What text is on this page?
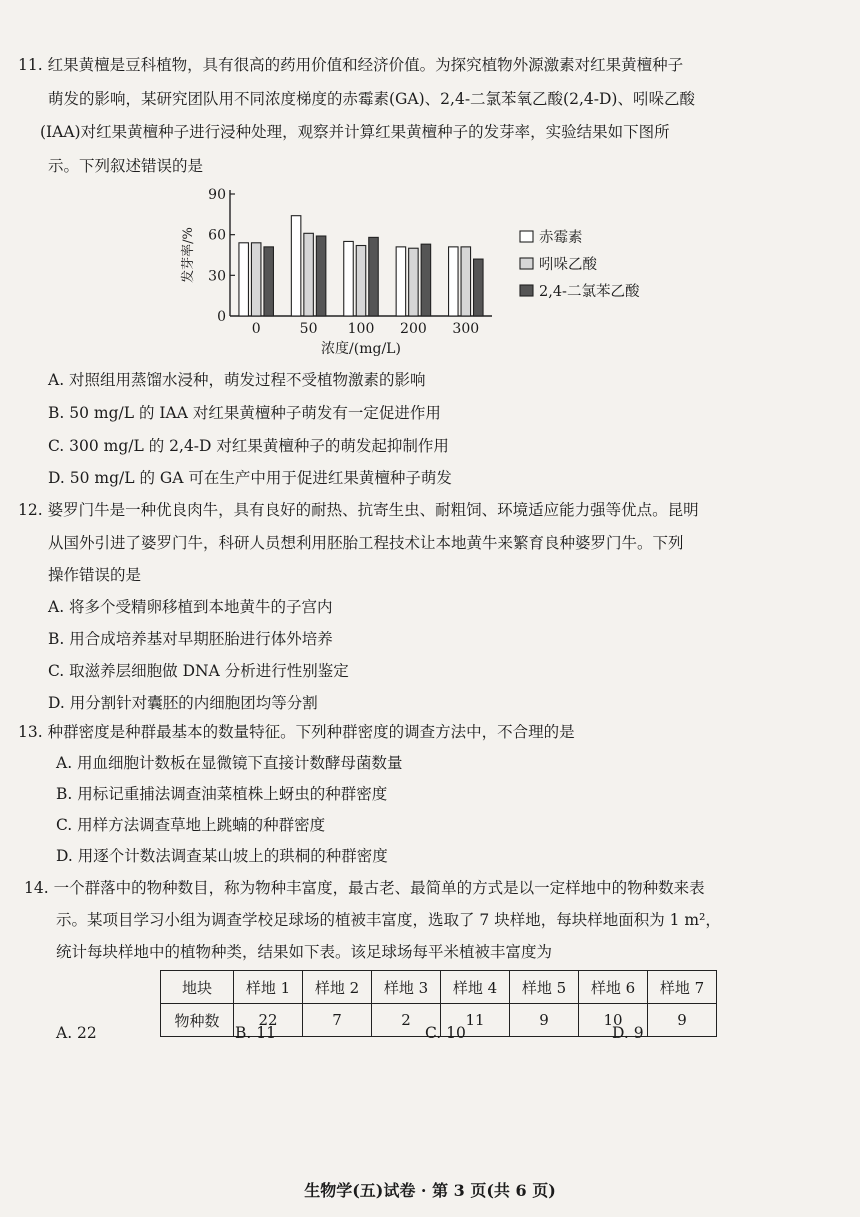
11. 红果黄檀是豆科植物，具有很高的药用价值和经济价值。为探究植物外源激素对红果黄檀种子
萌发的影响，某研究团队用不同浓度梯度的赤霉素(GA)、2,4-二氯苯氧乙酸(2,4-D)、吲哚乙酸
(IAA)对红果黄檀种子进行浸种处理，观察并计算红果黄檀种子的发芽率，实验结果如下图所
示。下列叙述错误的是
0
30
60
90
发芽率/%
0	50 100 200 300
浓度/(mg/L)
赤霉素
吲哚乙酸
2,4-二氯苯乙酸
A. 对照组用蒸馏水浸种，萌发过程不受植物激素的影响
B. 50 mg/L 的 IAA 对红果黄檀种子萌发有一定促进作用
C. 300 mg/L 的 2,4-D 对红果黄檀种子的萌发起抑制作用
D. 50 mg/L 的 GA 可在生产中用于促进红果黄檀种子萌发
12. 婆罗门牛是一种优良肉牛，具有良好的耐热、抗寄生虫、耐粗饲、环境适应能力强等优点。昆明
从国外引进了婆罗门牛，科研人员想利用胚胎工程技术让本地黄牛来繁育良种婆罗门牛。下列
操作错误的是
A. 将多个受精卵移植到本地黄牛的子宫内
B. 用合成培养基对早期胚胎进行体外培养
C. 取滋养层细胞做 DNA 分析进行性别鉴定
D. 用分割针对囊胚的内细胞团均等分割
13. 种群密度是种群最基本的数量特征。下列种群密度的调查方法中，不合理的是
A. 用血细胞计数板在显微镜下直接计数酵母菌数量
B. 用标记重捕法调查油菜植株上蚜虫的种群密度
C. 用样方法调查草地上跳蝻的种群密度
D. 用逐个计数法调查某山坡上的珙桐的种群密度
14. 一个群落中的物种数目，称为物种丰富度，最古老、最简单的方式是以一定样地中的物种数来表
示。某项目学习小组为调查学校足球场的植被丰富度，选取了 7 块样地，每块样地面积为 1 m²，
统计每块样地中的植物种类，结果如下表。该足球场每平米植被丰富度为
地块	样地 1	样地 2	样地 3	样地 4	样地 5	样地 6	样地 7
物种数	22	7	2	11	9	10	9
A. 22	B. 11	C. 10	D. 9
生物学(五)试卷 · 第 3 页(共 6 页)
